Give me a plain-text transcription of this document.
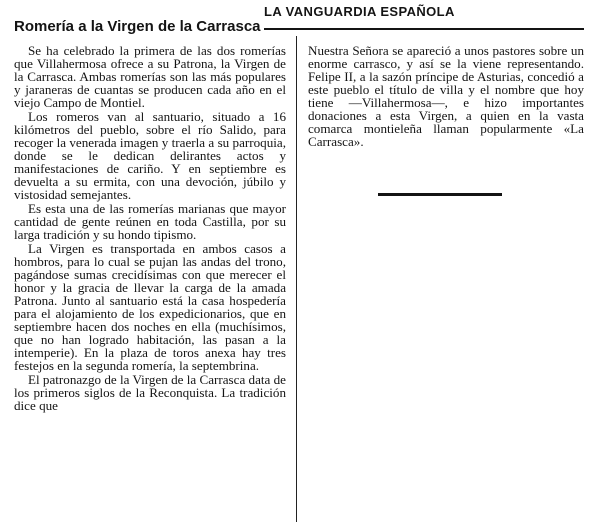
LA VANGUARDIA ESPAÑOLA
Romería a la Virgen de la Carrasca

Se ha celebrado la primera de las dos romerías que Villahermosa ofrece a su Patrona, la Virgen de la Carrasca. Ambas romerías son las más populares y jaraneras de cuantas se producen cada año en el viejo Campo de Montiel.

Los romeros van al santuario, situado a 16 kilómetros del pueblo, sobre el río Salido, para recoger la venerada imagen y traerla a su parroquia, donde se le dedican delirantes actos y manifestaciones de cariño. Y en septiembre es devuelta a su ermita, con una devoción, júbilo y vistosidad semejantes.

Es esta una de las romerías marianas que mayor cantidad de gente reúnen en toda Castilla, por su larga tradición y su hondo tipismo.

La Virgen es transportada en ambos casos a hombros, para lo cual se pujan las andas del trono, pagándose sumas crecidísimas con que merecer el honor y la gracia de llevar la carga de la amada Patrona. Junto al santuario está la casa hospedería para el alojamiento de los expedicionarios, que en septiembre hacen dos noches en ella (muchísimos, que no han logrado habitación, las pasan a la intemperie). En la plaza de toros anexa hay tres festejos en la segunda romería, la septembrina.

El patronazgo de la Virgen de la Carrasca data de los primeros siglos de la Reconquista. La tradición dice que

Nuestra Señora se apareció a unos pastores sobre un enorme carrasco, y así se la viene representando. Felipe II, a la sazón príncipe de Asturias, concedió a este pueblo el título de villa y el nombre que hoy tiene —Villahermosa—, e hizo importantes donaciones a esta Virgen, a quien en la vasta comarca montieleña llaman popularmente «La Carrasca».
